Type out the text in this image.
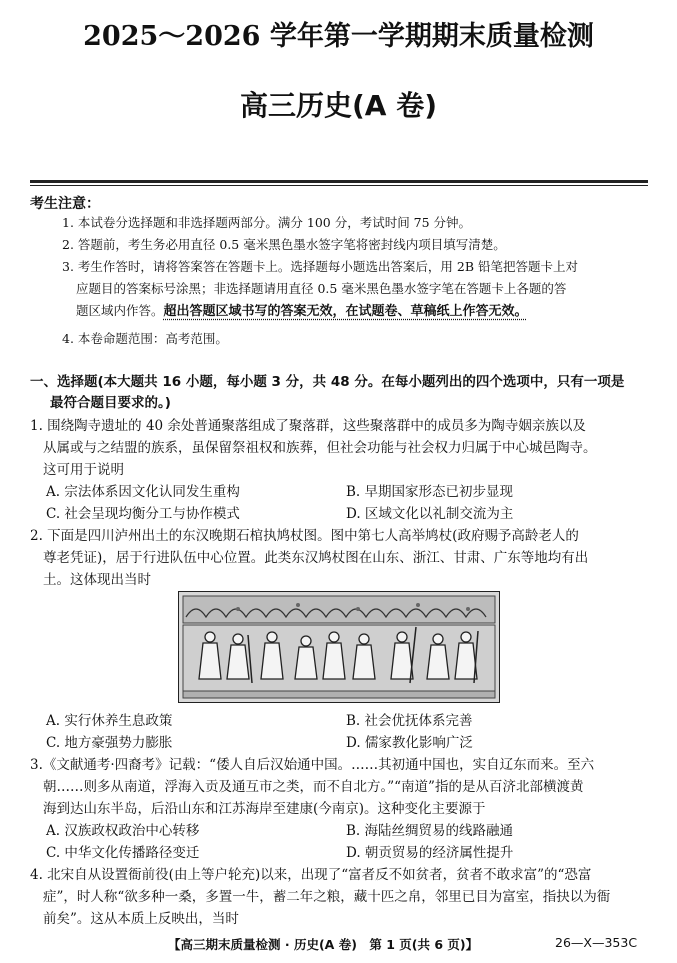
2025～2026 学年第一学期期末质量检测
高三历史(A 卷)
考生注意：
1. 本试卷分选择题和非选择题两部分。满分 100 分，考试时间 75 分钟。
2. 答题前，考生务必用直径 0.5 毫米黑色墨水签字笔将密封线内项目填写清楚。
3. 考生作答时，请将答案答在答题卡上。选择题每小题选出答案后，用 2B 铅笔把答题卡上对
应题目的答案标号涂黑；非选择题请用直径 0.5 毫米黑色墨水签字笔在答题卡上各题的答
题区域内作答。超出答题区域书写的答案无效，在试题卷、草稿纸上作答无效。
4. 本卷命题范围：高考范围。
一、选择题(本大题共 16 小题，每小题 3 分，共 48 分。在每小题列出的四个选项中，只有一项是
最符合题目要求的。)
1. 围绕陶寺遗址的 40 余处普通聚落组成了聚落群，这些聚落群中的成员多为陶寺姻亲族以及
从属或与之结盟的族系，虽保留祭祖权和族葬，但社会功能与社会权力归属于中心城邑陶寺。
这可用于说明
A. 宗法体系因文化认同发生重构	B. 早期国家形态已初步显现
C. 社会呈现均衡分工与协作模式	D. 区域文化以礼制交流为主
2. 下面是四川泸州出土的东汉晚期石棺执鸠杖图。图中第七人高举鸠杖(政府赐予高龄老人的
尊老凭证)，居于行进队伍中心位置。此类东汉鸠杖图在山东、浙江、甘肃、广东等地均有出
土。这体现出当时
A. 实行休养生息政策	B. 社会优抚体系完善
C. 地方豪强势力膨胀	D. 儒家教化影响广泛
3.《文献通考·四裔考》记载：“倭人自后汉始通中国。……其初通中国也，实自辽东而来。至六
朝……则多从南道，浮海入贡及通互市之类，而不自北方。”“南道”指的是从百济北部横渡黄
海到达山东半岛，后沿山东和江苏海岸至建康(今南京)。这种变化主要源于
A. 汉族政权政治中心转移	B. 海陆丝绸贸易的线路融通
C. 中华文化传播路径变迁	D. 朝贡贸易的经济属性提升
4. 北宋自从设置衙前役(由上等户轮充)以来，出现了“富者反不如贫者，贫者不敢求富”的“恐富
症”，时人称“欲多种一桑，多置一牛，蓄二年之粮，藏十匹之帛，邻里已目为富室，指抉以为衙
前矣”。这从本质上反映出，当时
【高三期末质量检测 · 历史(A 卷)　第 1 页(共 6 页)】	26—X—353C
